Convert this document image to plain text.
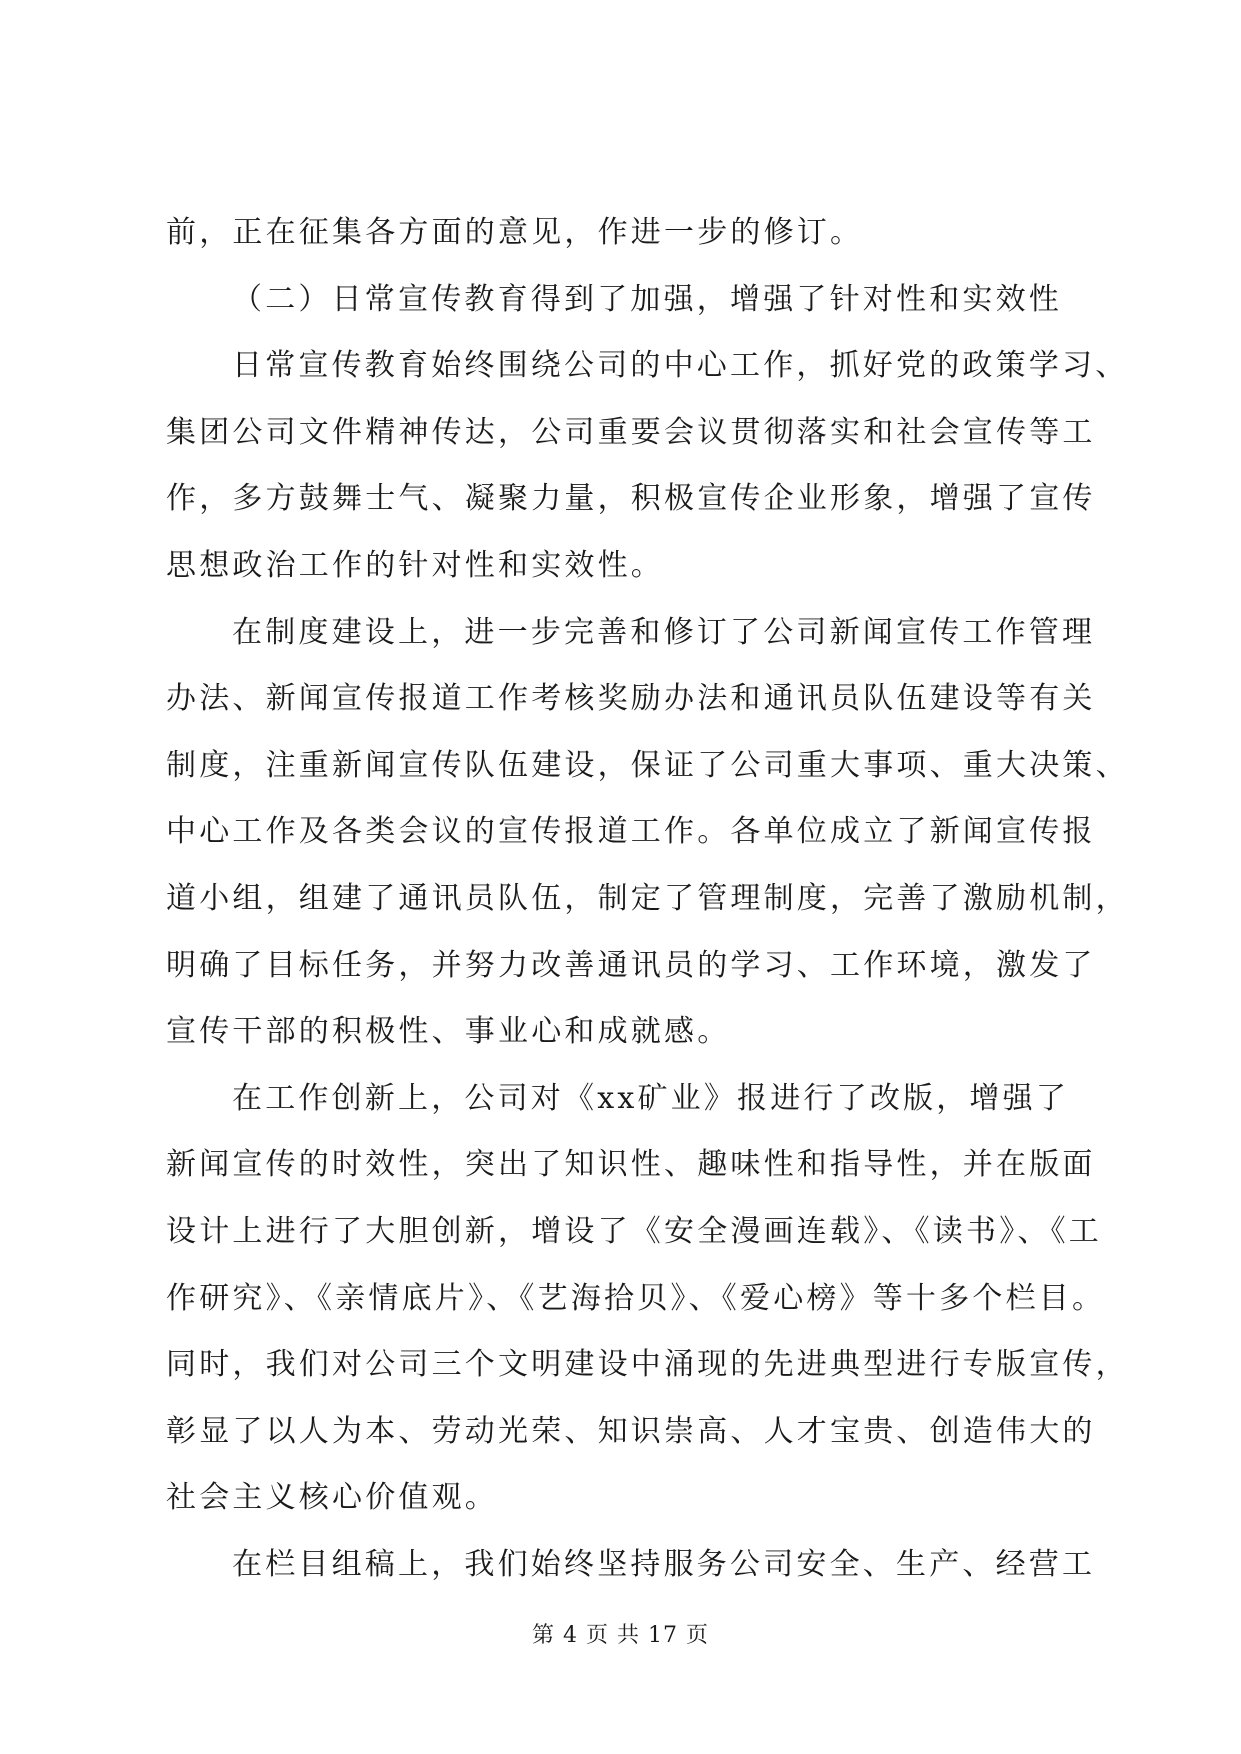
前，正在征集各方面的意见，作进一步的修订。
（二）日常宣传教育得到了加强，增强了针对性和实效性
日常宣传教育始终围绕公司的中心工作，抓好党的政策学习、
集团公司文件精神传达，公司重要会议贯彻落实和社会宣传等工
作，多方鼓舞士气、凝聚力量，积极宣传企业形象，增强了宣传
思想政治工作的针对性和实效性。
在制度建设上，进一步完善和修订了公司新闻宣传工作管理
办法、新闻宣传报道工作考核奖励办法和通讯员队伍建设等有关
制度，注重新闻宣传队伍建设，保证了公司重大事项、重大决策、
中心工作及各类会议的宣传报道工作。各单位成立了新闻宣传报
道小组，组建了通讯员队伍，制定了管理制度，完善了激励机制，
明确了目标任务，并努力改善通讯员的学习、工作环境，激发了
宣传干部的积极性、事业心和成就感。
在工作创新上，公司对《xx矿业》报进行了改版，增强了
新闻宣传的时效性，突出了知识性、趣味性和指导性，并在版面
设计上进行了大胆创新，增设了《安全漫画连载》、《读书》、《工
作研究》、《亲情底片》、《艺海拾贝》、《爱心榜》等十多个栏目。
同时，我们对公司三个文明建设中涌现的先进典型进行专版宣传，
彰显了以人为本、劳动光荣、知识崇高、人才宝贵、创造伟大的
社会主义核心价值观。
在栏目组稿上，我们始终坚持服务公司安全、生产、经营工
第 4 页 共 17 页
